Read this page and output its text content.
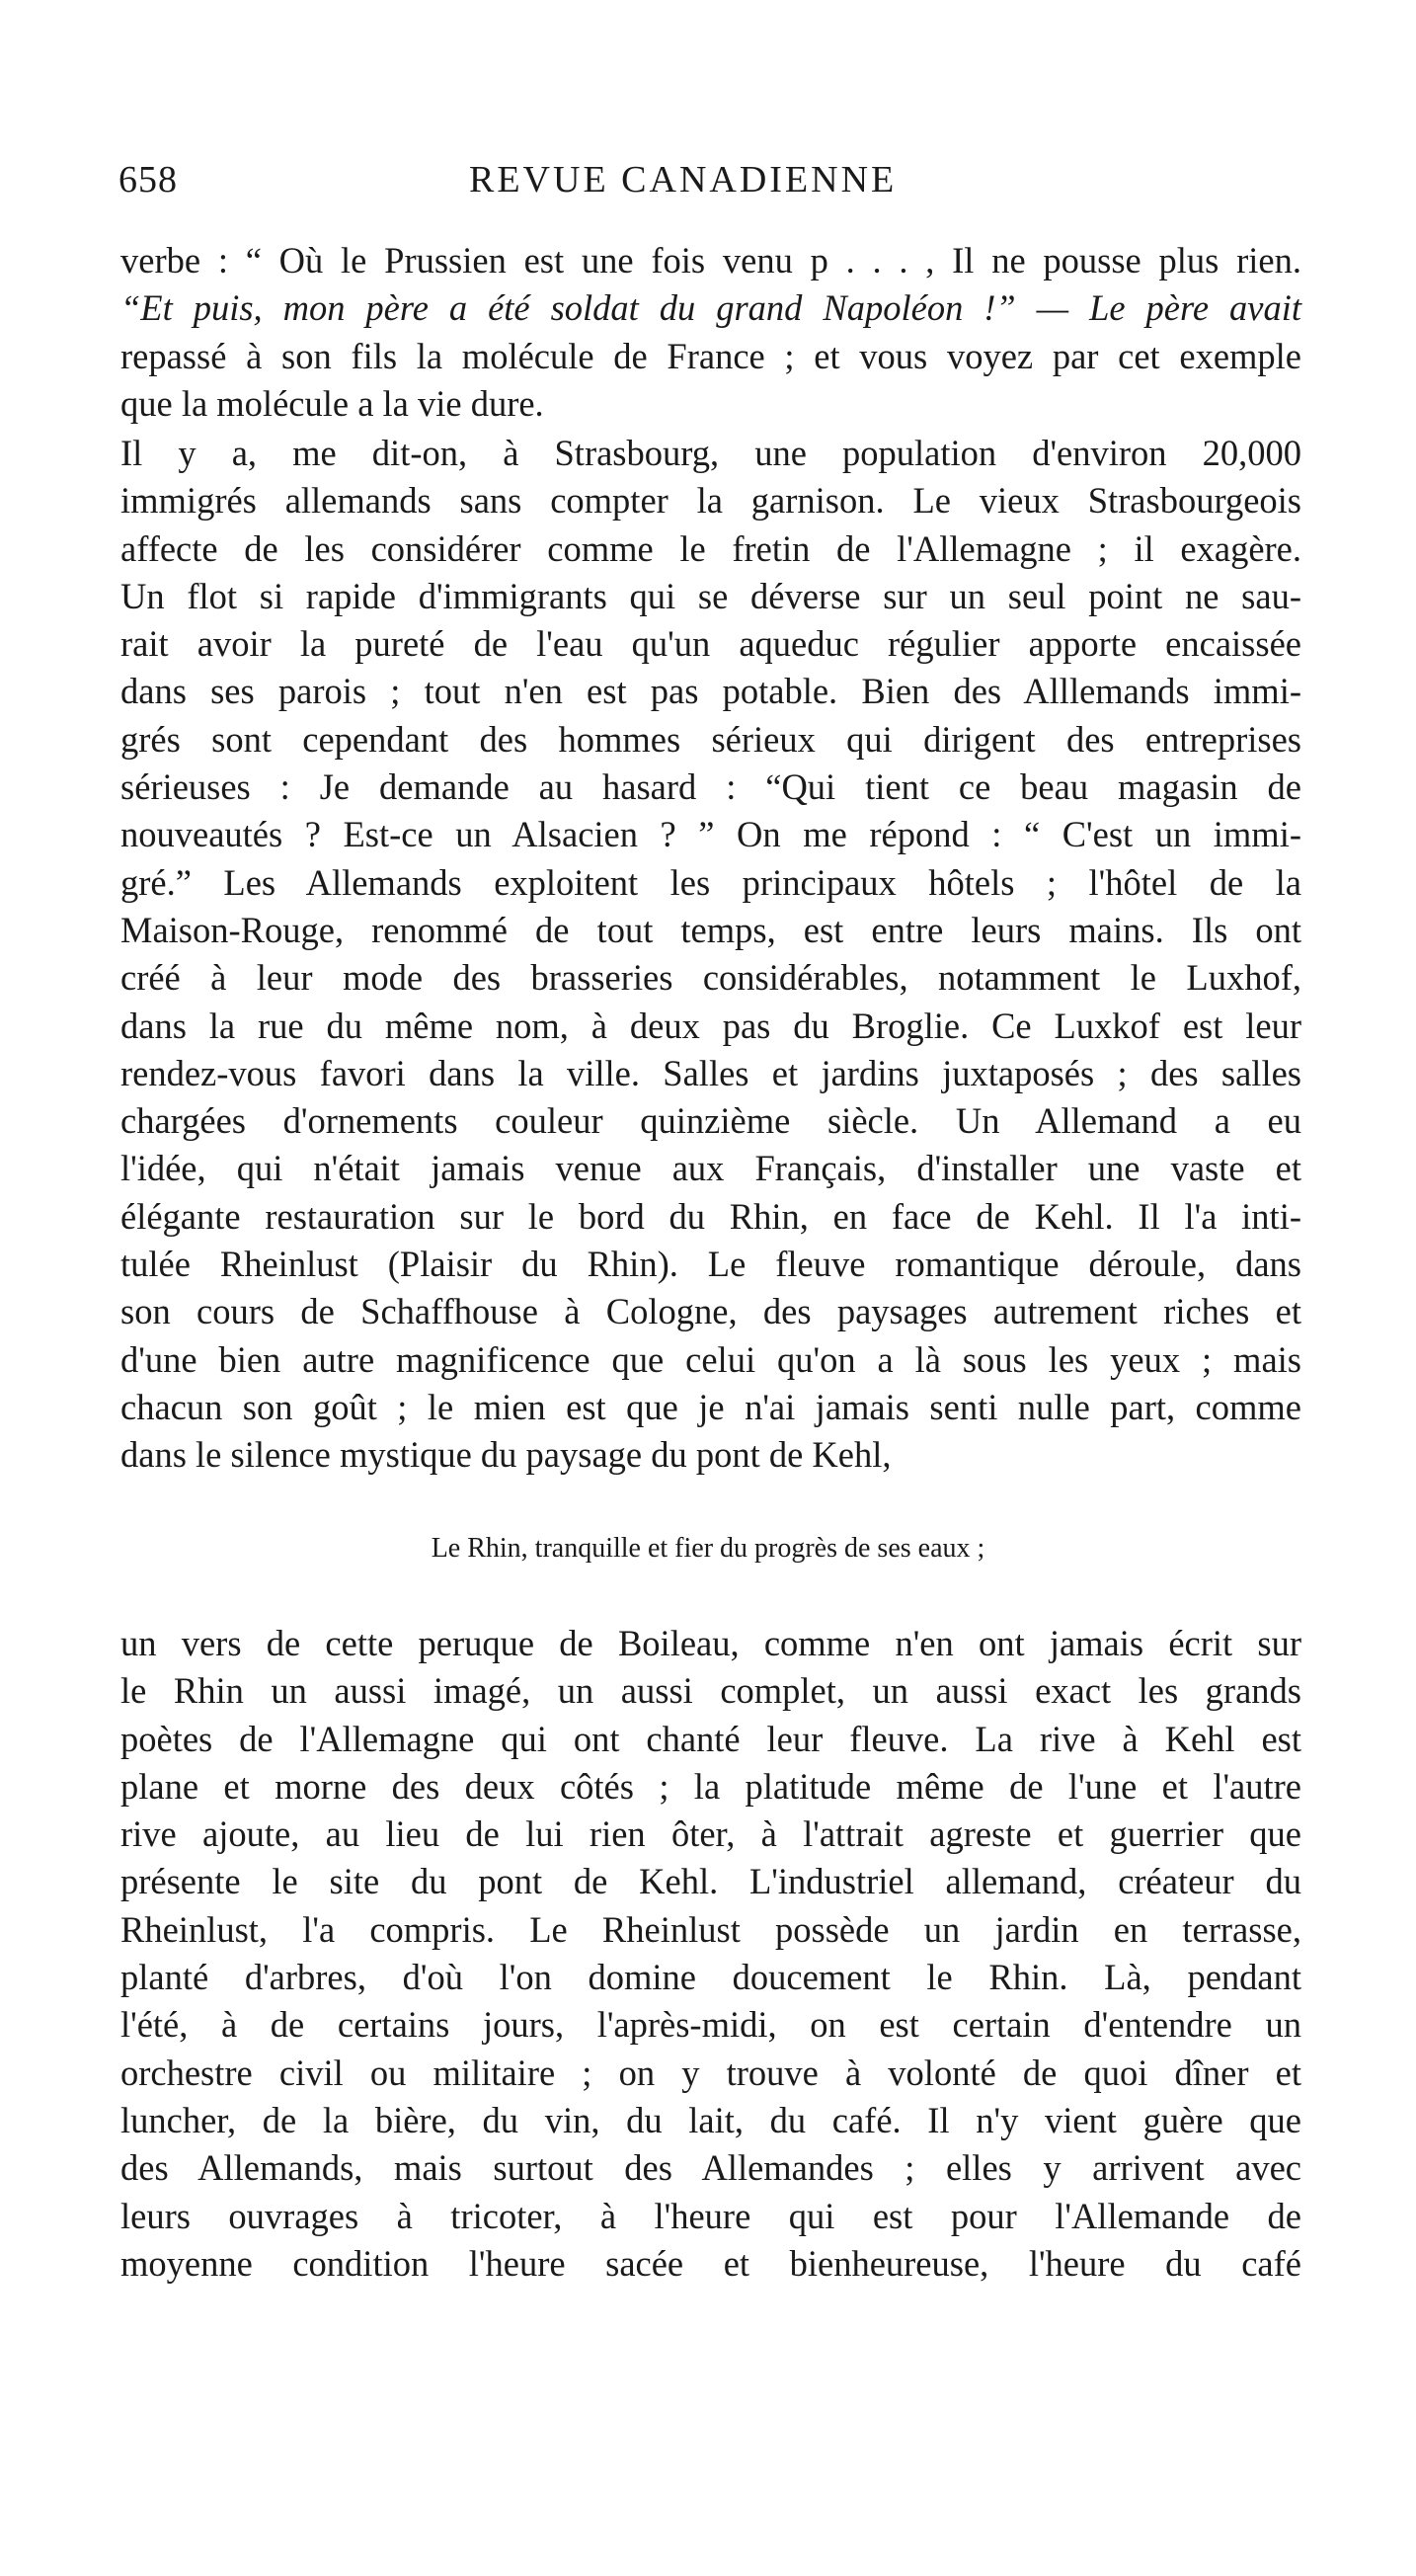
658	REVUE CANADIENNE
verbe : “ Où le Prussien est une fois venu p . . . , Il ne pousse plus rien.
“Et puis, mon père a été soldat du grand Napoléon !” — Le père avait
repassé à son fils la molécule de France ; et vous voyez par cet exemple
que la molécule a la vie dure.
Il y a, me dit-on, à Strasbourg, une population d'environ 20,000
immigrés allemands sans compter la garnison. Le vieux Strasbourgeois
affecte de les considérer comme le fretin de l'Allemagne ; il exagère.
Un flot si rapide d'immigrants qui se déverse sur un seul point ne sau-
rait avoir la pureté de l'eau qu'un aqueduc régulier apporte encaissée
dans ses parois ; tout n'en est pas potable. Bien des Alllemands immi-
grés sont cependant des hommes sérieux qui dirigent des entreprises
sérieuses : Je demande au hasard : “Qui tient ce beau magasin de
nouveautés ? Est-ce un Alsacien ? ” On me répond : “ C'est un immi-
gré.” Les Allemands exploitent les principaux hôtels ; l'hôtel de la
Maison-Rouge, renommé de tout temps, est entre leurs mains. Ils ont
créé à leur mode des brasseries considérables, notamment le Luxhof,
dans la rue du même nom, à deux pas du Broglie. Ce Luxkof est leur
rendez-vous favori dans la ville. Salles et jardins juxtaposés ; des salles
chargées d'ornements couleur quinzième siècle. Un Allemand a eu
l'idée, qui n'était jamais venue aux Français, d'installer une vaste et
élégante restauration sur le bord du Rhin, en face de Kehl. Il l'a inti-
tulée Rheinlust (Plaisir du Rhin). Le fleuve romantique déroule, dans
son cours de Schaffhouse à Cologne, des paysages autrement riches et
d'une bien autre magnificence que celui qu'on a là sous les yeux ; mais
chacun son goût ; le mien est que je n'ai jamais senti nulle part, comme
dans le silence mystique du paysage du pont de Kehl,

Le Rhin, tranquille et fier du progrès de ses eaux ;

un vers de cette peruque de Boileau, comme n'en ont jamais écrit sur
le Rhin un aussi imagé, un aussi complet, un aussi exact les grands
poètes de l'Allemagne qui ont chanté leur fleuve. La rive à Kehl est
plane et morne des deux côtés ; la platitude même de l'une et l'autre
rive ajoute, au lieu de lui rien ôter, à l'attrait agreste et guerrier que
présente le site du pont de Kehl. L'industriel allemand, créateur du
Rheinlust, l'a compris. Le Rheinlust possède un jardin en terrasse,
planté d'arbres, d'où l'on domine doucement le Rhin. Là, pendant
l'été, à de certains jours, l'après-midi, on est certain d'entendre un
orchestre civil ou militaire ; on y trouve à volonté de quoi dîner et
luncher, de la bière, du vin, du lait, du café. Il n'y vient guère que
des Allemands, mais surtout des Allemandes ; elles y arrivent avec
leurs ouvrages à tricoter, à l'heure qui est pour l'Allemande de
moyenne condition l'heure sacée et bienheureuse, l'heure du café
